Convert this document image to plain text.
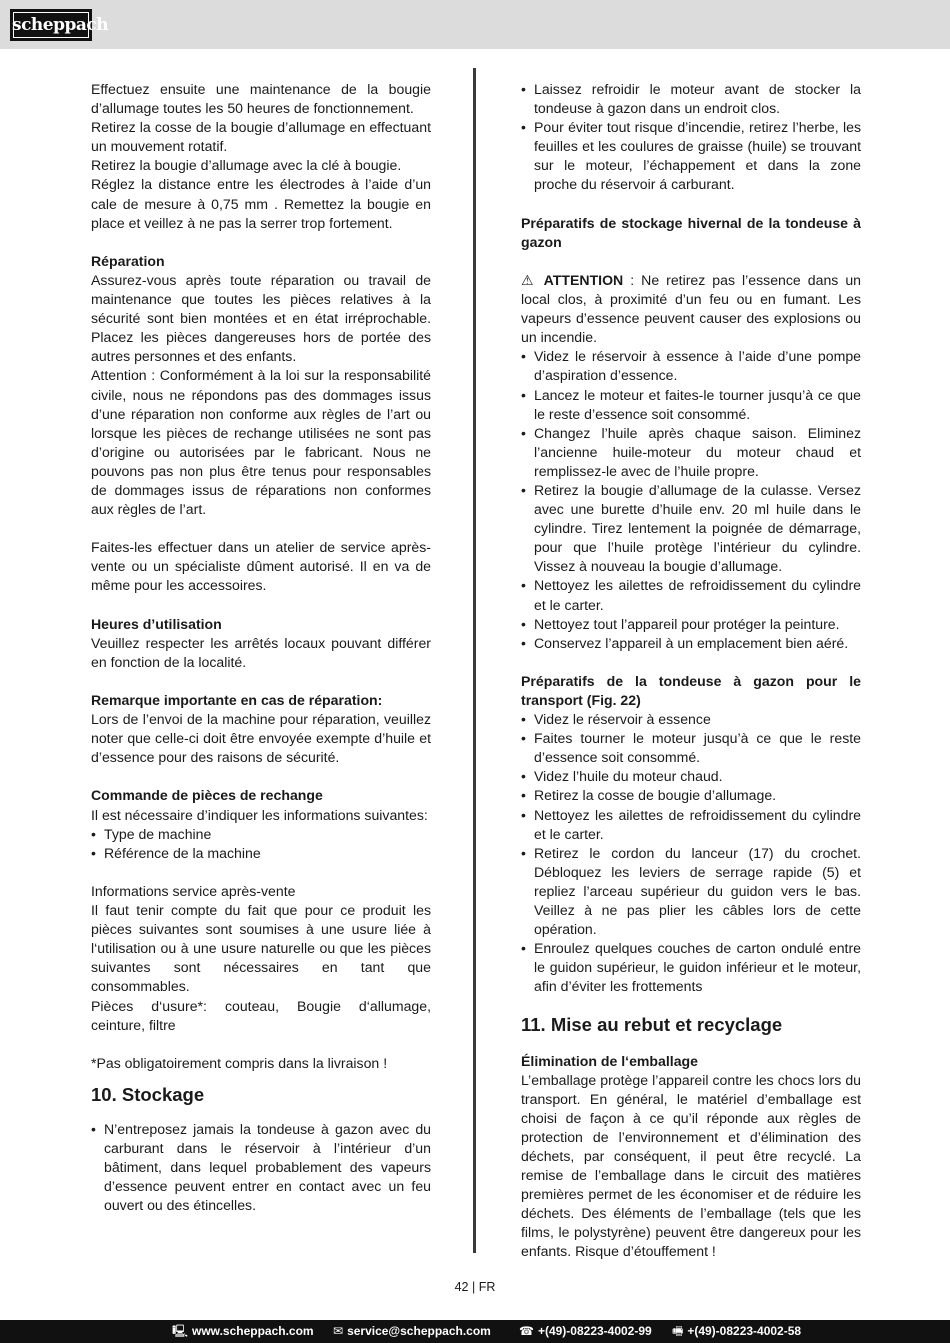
scheppach

Effectuez ensuite une maintenance de la bougie d’allumage toutes les 50 heures de fonctionnement.

Retirez la cosse de la bougie d’allumage en effectuant un mouvement rotatif.

Retirez la bougie d’allumage avec la clé à bougie.

Réglez la distance entre les électrodes à l’aide d’un cale de mesure à 0,75 mm . Remettez la bougie en place et veillez à ne pas la serrer trop fortement.

Réparation

Assurez-vous après toute réparation ou travail de maintenance que toutes les pièces relatives à la sécurité sont bien montées et en état irréprochable. Placez les pièces dangereuses hors de portée des autres personnes et des enfants.

Attention : Conformément à la loi sur la responsabilité civile, nous ne répondons pas des dommages issus d’une réparation non conforme aux règles de l’art ou lorsque les pièces de rechange utilisées ne sont pas d’origine ou autorisées par le fabricant. Nous ne pouvons pas non plus être tenus pour responsables de dommages issus de réparations non conformes aux règles de l’art.

Faites-les effectuer dans un atelier de service après-vente ou un spécialiste dûment autorisé. Il en va de même pour les accessoires.

Heures d’utilisation

Veuillez respecter les arrêtés locaux pouvant différer en fonction de la localité.

Remarque importante en cas de réparation:

Lors de l’envoi de la machine pour réparation, veuillez noter que celle-ci doit être envoyée exempte d’huile et d’essence pour des raisons de sécurité.

Commande de pièces de rechange

Il est nécessaire d’indiquer les informations suivantes:

• Type de machine
• Référence de la machine

Informations service après-vente

Il faut tenir compte du fait que pour ce produit les pièces suivantes sont soumises à une usure liée à l‘utilisation ou à une usure naturelle ou que les pièces suivantes sont nécessaires en tant que consommables.

Pièces d‘usure*: couteau, Bougie d‘allumage, ceinture, filtre

*Pas obligatoirement compris dans la livraison !

10. Stockage
• N’entreposez jamais la tondeuse à gazon avec du carburant dans le réservoir à l’intérieur d’un bâtiment, dans lequel probablement des vapeurs d’essence peuvent entrer en contact avec un feu ouvert ou des étincelles.
• Laissez refroidir le moteur avant de stocker la tondeuse à gazon dans un endroit clos.
• Pour éviter tout risque d’incendie, retirez l’herbe, les feuilles et les coulures de graisse (huile) se trouvant sur le moteur, l’échappement et dans la zone proche du réservoir á carburant.

Préparatifs de stockage hivernal de la tondeuse à gazon

⚠ ATTENTION : Ne retirez pas l’essence dans un local clos, à proximité d’un feu ou en fumant. Les vapeurs d’essence peuvent causer des explosions ou un incendie.

• Videz le réservoir à essence à l’aide d’une pompe d’aspiration d’essence.
• Lancez le moteur et faites-le tourner jusqu’à ce que le reste d’essence soit consommé.
• Changez l’huile après chaque saison. Eliminez l’ancienne huile-moteur du moteur chaud et remplissez-le avec de l’huile propre.
• Retirez la bougie d’allumage de la culasse. Versez avec une burette d’huile env. 20 ml huile dans le cylindre. Tirez lentement la poignée de démarrage, pour que l’huile protège l’intérieur du cylindre. Vissez à nouveau la bougie d’allumage.
• Nettoyez les ailettes de refroidissement du cylindre et le carter.
• Nettoyez tout l’appareil pour protéger la peinture.
• Conservez l’appareil à un emplacement bien aéré.

Préparatifs de la tondeuse à gazon pour le transport (Fig. 22)

• Videz le réservoir à essence
• Faites tourner le moteur jusqu’à ce que le reste d’essence soit consommé.
• Videz l’huile du moteur chaud.
• Retirez la cosse de bougie d’allumage.
• Nettoyez les ailettes de refroidissement du cylindre et le carter.
• Retirez le cordon du lanceur (17) du crochet. Débloquez les leviers de serrage rapide (5) et repliez l’arceau supérieur du guidon vers le bas. Veillez à ne pas plier les câbles lors de cette opération.
• Enroulez quelques couches de carton ondulé entre le guidon supérieur, le guidon inférieur et le moteur, afin d’éviter les frottements
11. Mise au rebut et recyclage

Élimination de l‘emballage

L’emballage protège l’appareil contre les chocs lors du transport. En général, le matériel d’emballage est choisi de façon à ce qu’il réponde aux règles de protection de l’environnement et d’élimination des déchets, par conséquent, il peut être recyclé. La remise de l’emballage dans le circuit des matières premières permet de les économiser et de réduire les déchets. Des éléments de l’emballage (tels que les films, le polystyrène) peuvent être dangereux pour les enfants. Risque d’étouffement !

42 | FR
🖳 www.scheppach.com ✉ service@scheppach.com ☎ +(49)-08223-4002-99 🖷 +(49)-08223-4002-58
